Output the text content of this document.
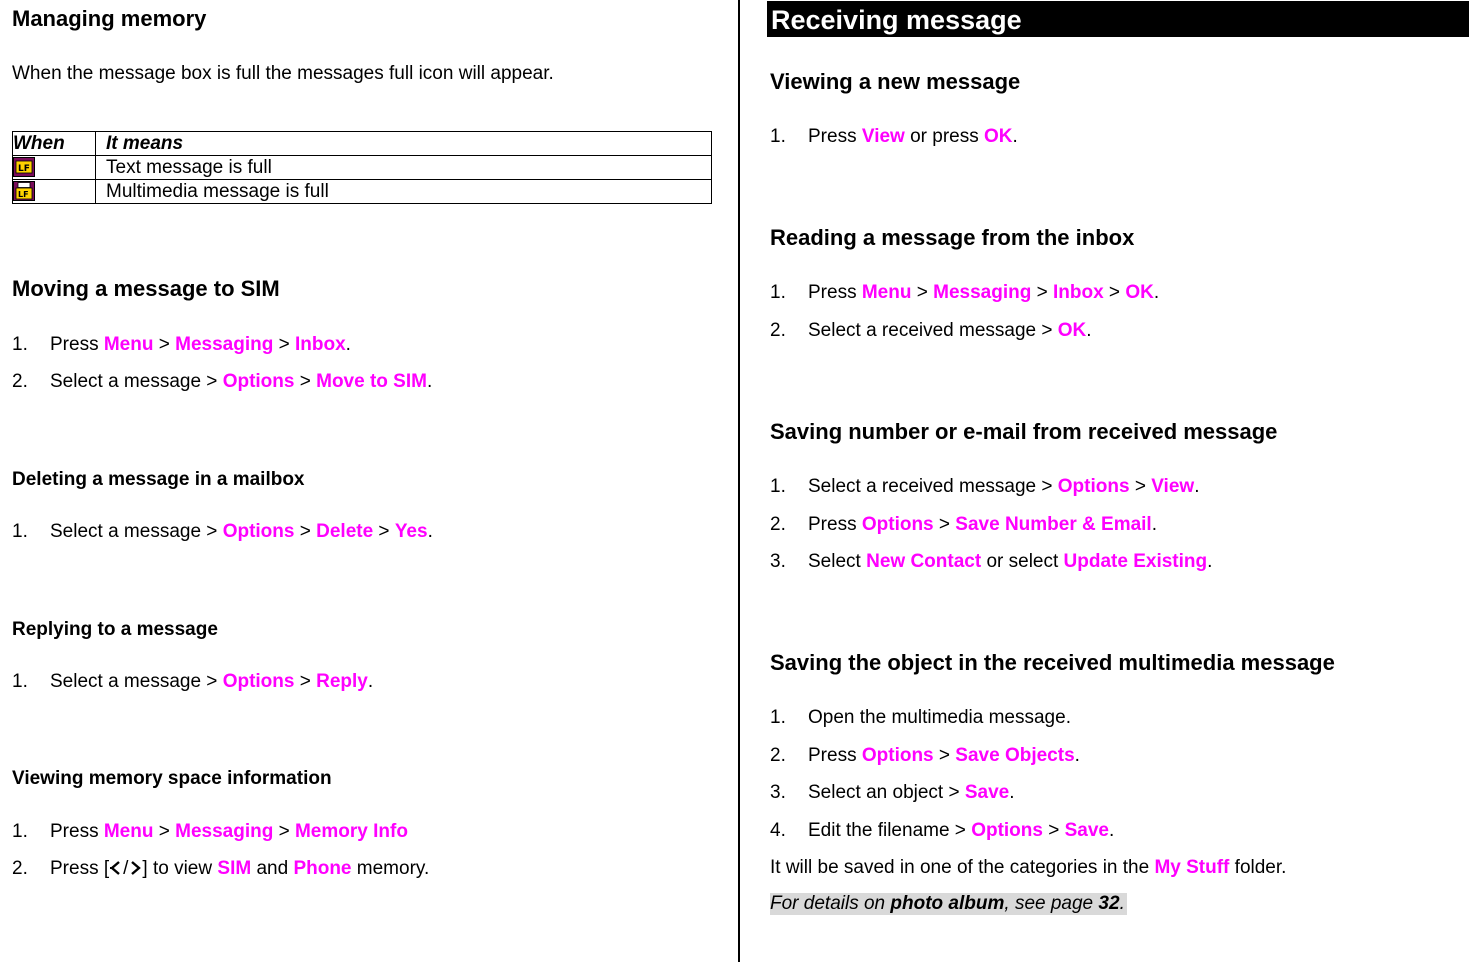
Managing memory
When the message box is full the messages full icon will appear.
When	It means

LF	Text message is full

LF	Multimedia message is full
Moving a message to SIM
1. Press Menu > Messaging > Inbox.
2. Select a message > Options > Move to SIM.
Deleting a message in a mailbox
1. Select a message > Options > Delete > Yes.
Replying to a message
1. Select a message > Options > Reply.
Viewing memory space information
1. Press Menu > Messaging > Memory Info
2. Press [ / ] to view SIM and Phone memory.
Receiving message
Viewing a new message
1. Press View or press OK.
Reading a message from the inbox
1. Press Menu > Messaging > Inbox > OK.
2. Select a received message > OK.
Saving number or e-mail from received message
1. Select a received message > Options > View.
2. Press Options > Save Number & Email.
3. Select New Contact or select Update Existing.
Saving the object in the received multimedia message
1. Open the multimedia message.
2. Press Options > Save Objects.
3. Select an object > Save.
4. Edit the filename > Options > Save.
It will be saved in one of the categories in the My Stuff folder.
For details on photo album, see page 32.
